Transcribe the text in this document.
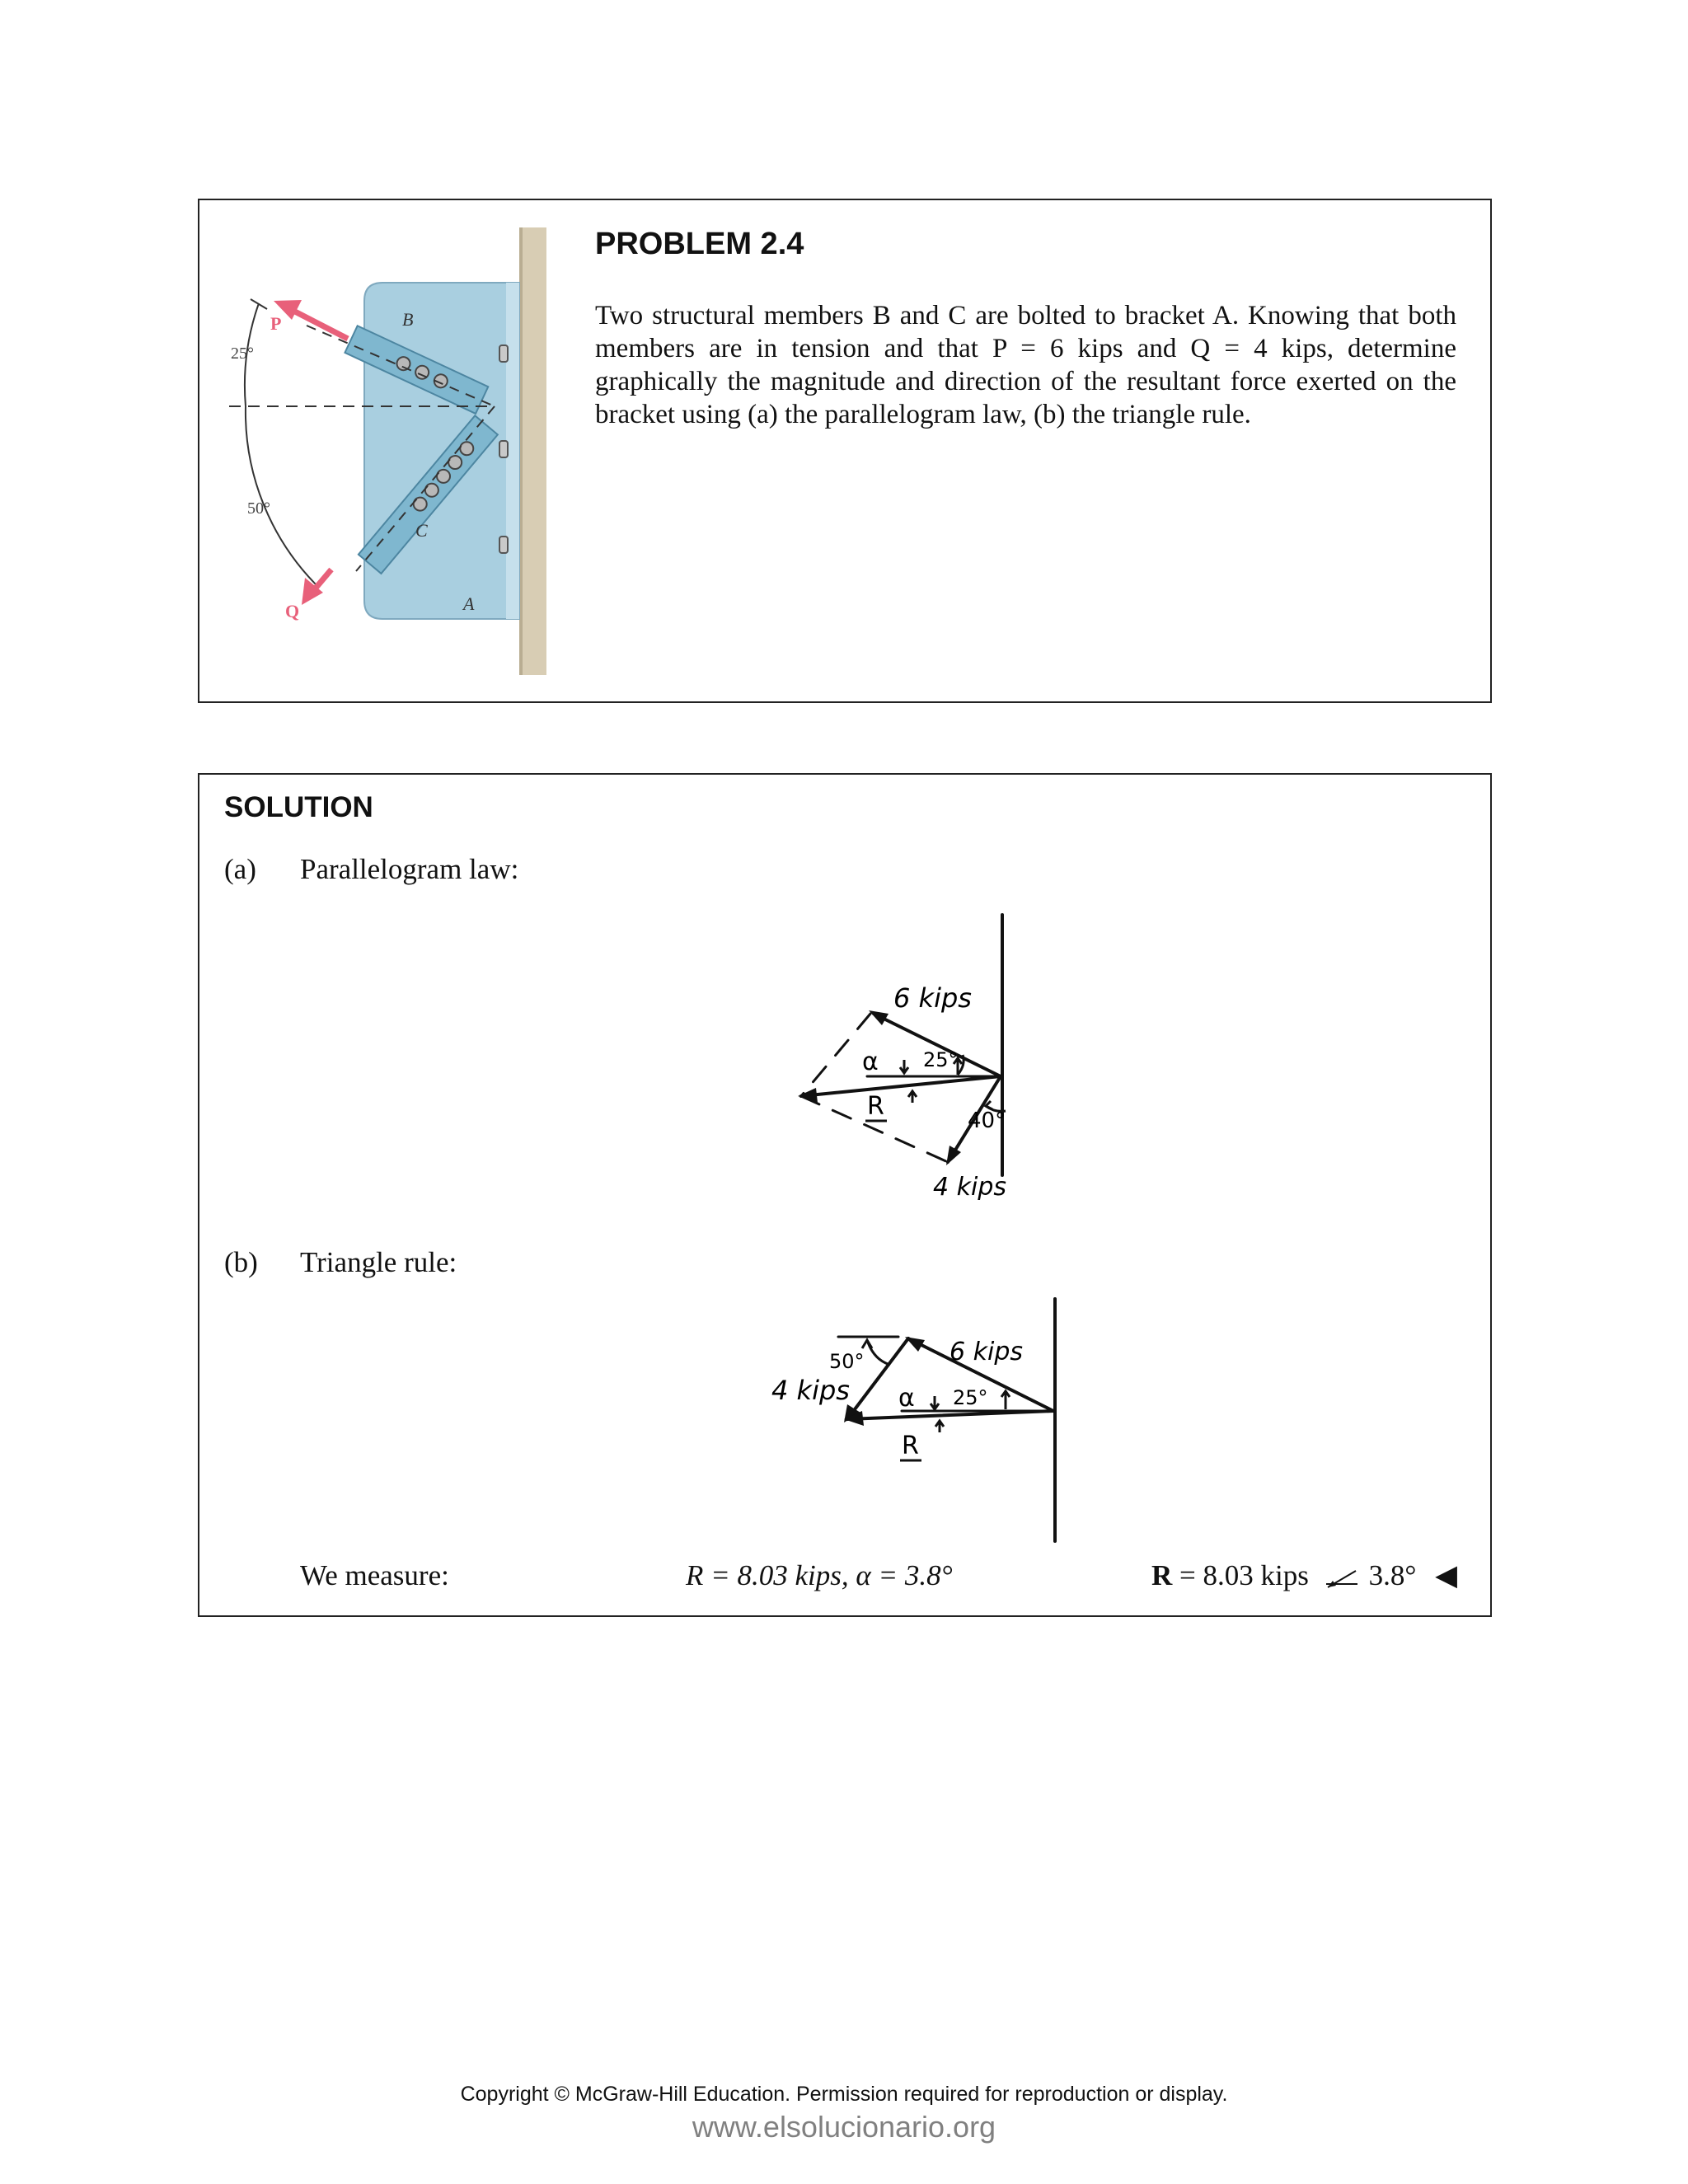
P
Q
B
C
A
25°
50°
PROBLEM 2.4

Two structural members B and C are bolted to bracket A. Knowing that both members are in tension and that P = 6 kips and Q = 4 kips, determine graphically the magnitude and direction of the resultant force exerted on the bracket using (a) the parallelogram law, (b) the triangle rule.

SOLUTION
(a) Parallelogram law:
6 kips
25°
α
R	40°
4 kips
(b) Triangle rule:
6 kips
50°
4 kips α 25°
R
We measure:	R = 8.03 kips, α = 3.8°	R = 8.03 kips 3.8° ◀
Copyright © McGraw-Hill Education. Permission required for reproduction or display.
www.elsolucionario.org
